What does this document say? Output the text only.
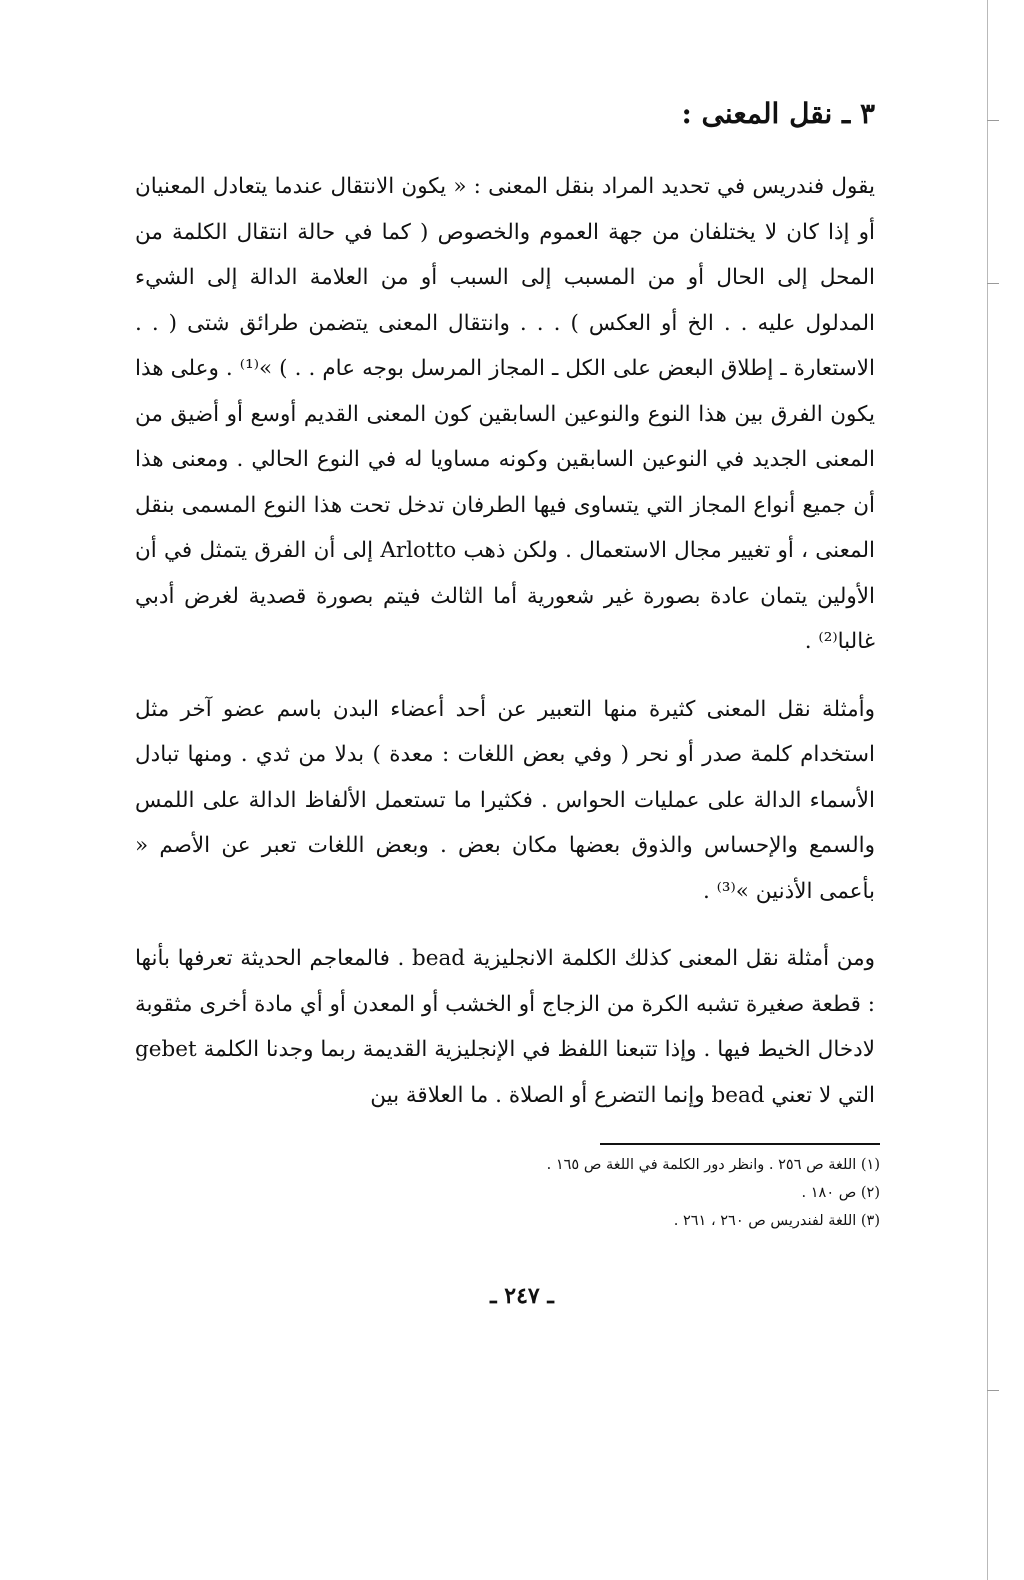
٣ ـ نقل المعنى :

يقول فندريس في تحديد المراد بنقل المعنى : « يكون الانتقال عندما يتعادل المعنيان أو إذا كان لا يختلفان من جهة العموم والخصوص ( كما في حالة انتقال الكلمة من المحل إلى الحال أو من المسبب إلى السبب أو من العلامة الدالة إلى الشيء المدلول عليه . . الخ أو العكس ) . . . وانتقال المعنى يتضمن طرائق شتى ( . . الاستعارة ـ إطلاق البعض على الكل ـ المجاز المرسل بوجه عام . . ) »⁽¹⁾ . وعلى هذا يكون الفرق بين هذا النوع والنوعين السابقين كون المعنى القديم أوسع أو أضيق من المعنى الجديد في النوعين السابقين وكونه مساويا له في النوع الحالي . ومعنى هذا أن جميع أنواع المجاز التي يتساوى فيها الطرفان تدخل تحت هذا النوع المسمى بنقل المعنى ، أو تغيير مجال الاستعمال . ولكن ذهب Arlotto إلى أن الفرق يتمثل في أن الأولين يتمان عادة بصورة غير شعورية أما الثالث فيتم بصورة قصدية لغرض أدبي غالبا⁽²⁾ .

وأمثلة نقل المعنى كثيرة منها التعبير عن أحد أعضاء البدن باسم عضو آخر مثل استخدام كلمة صدر أو نحر ( وفي بعض اللغات : معدة ) بدلا من ثدي . ومنها تبادل الأسماء الدالة على عمليات الحواس . فكثيرا ما تستعمل الألفاظ الدالة على اللمس والسمع والإحساس والذوق بعضها مكان بعض . وبعض اللغات تعبر عن الأصم « بأعمى الأذنين »⁽³⁾ .

ومن أمثلة نقل المعنى كذلك الكلمة الانجليزية bead . فالمعاجم الحديثة تعرفها بأنها : قطعة صغيرة تشبه الكرة من الزجاج أو الخشب أو المعدن أو أي مادة أخرى مثقوبة لادخال الخيط فيها . وإذا تتبعنا اللفظ في الإنجليزية القديمة ربما وجدنا الكلمة gebet التي لا تعني bead وإنما التضرع أو الصلاة . ما العلاقة بين

(١) اللغة ص ٢٥٦ . وانظر دور الكلمة في اللغة ص ١٦٥ .

(٢) ص ١٨٠ .

(٣) اللغة لفندريس ص ٢٦٠ ، ٢٦١ .

ـ ٢٤٧ ـ
